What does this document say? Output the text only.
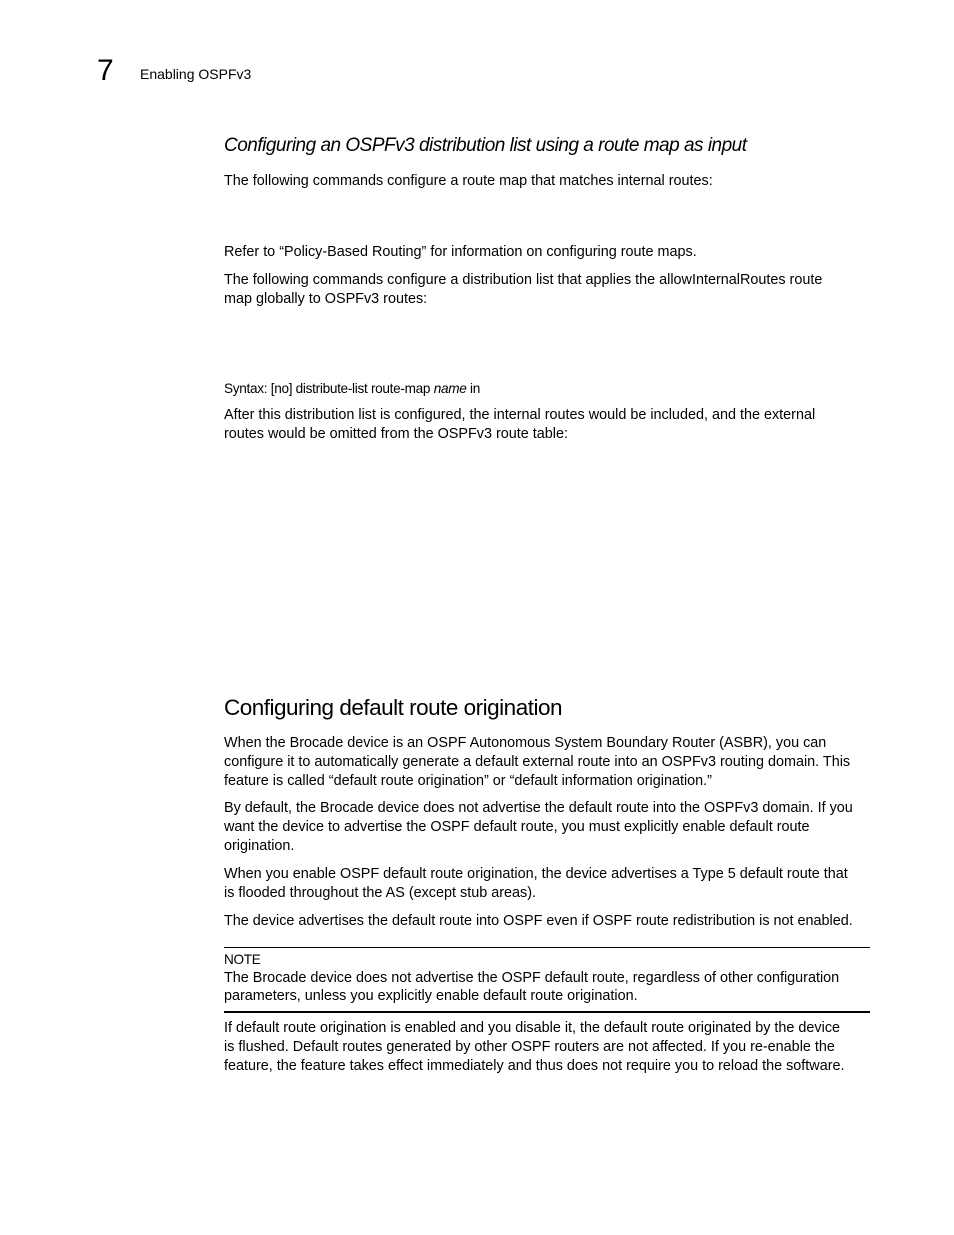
7 Enabling OSPFv3
Configuring an OSPFv3 distribution list using a route map as input

The following commands configure a route map that matches internal routes:

Refer to “Policy-Based Routing” for information on configuring route maps.

The following commands configure a distribution list that applies the allowInternalRoutes route

map globally to OSPFv3 routes:

Syntax: [no] distribute-list route-map name in

After this distribution list is configured, the internal routes would be included, and the external

routes would be omitted from the OSPFv3 route table:

Configuring default route origination

When the Brocade device is an OSPF Autonomous System Boundary Router (ASBR), you can

configure it to automatically generate a default external route into an OSPFv3 routing domain. This

feature is called “default route origination” or “default information origination.”

By default, the Brocade device does not advertise the default route into the OSPFv3 domain. If you

want the device to advertise the OSPF default route, you must explicitly enable default route

origination.

When you enable OSPF default route origination, the device advertises a Type 5 default route that

is flooded throughout the AS (except stub areas).

The device advertises the default route into OSPF even if OSPF route redistribution is not enabled.

NOTE
The Brocade device does not advertise the OSPF default route, regardless of other configuration
parameters, unless you explicitly enable default route origination.

If default route origination is enabled and you disable it, the default route originated by the device

is flushed. Default routes generated by other OSPF routers are not affected. If you re-enable the

feature, the feature takes effect immediately and thus does not require you to reload the software.
